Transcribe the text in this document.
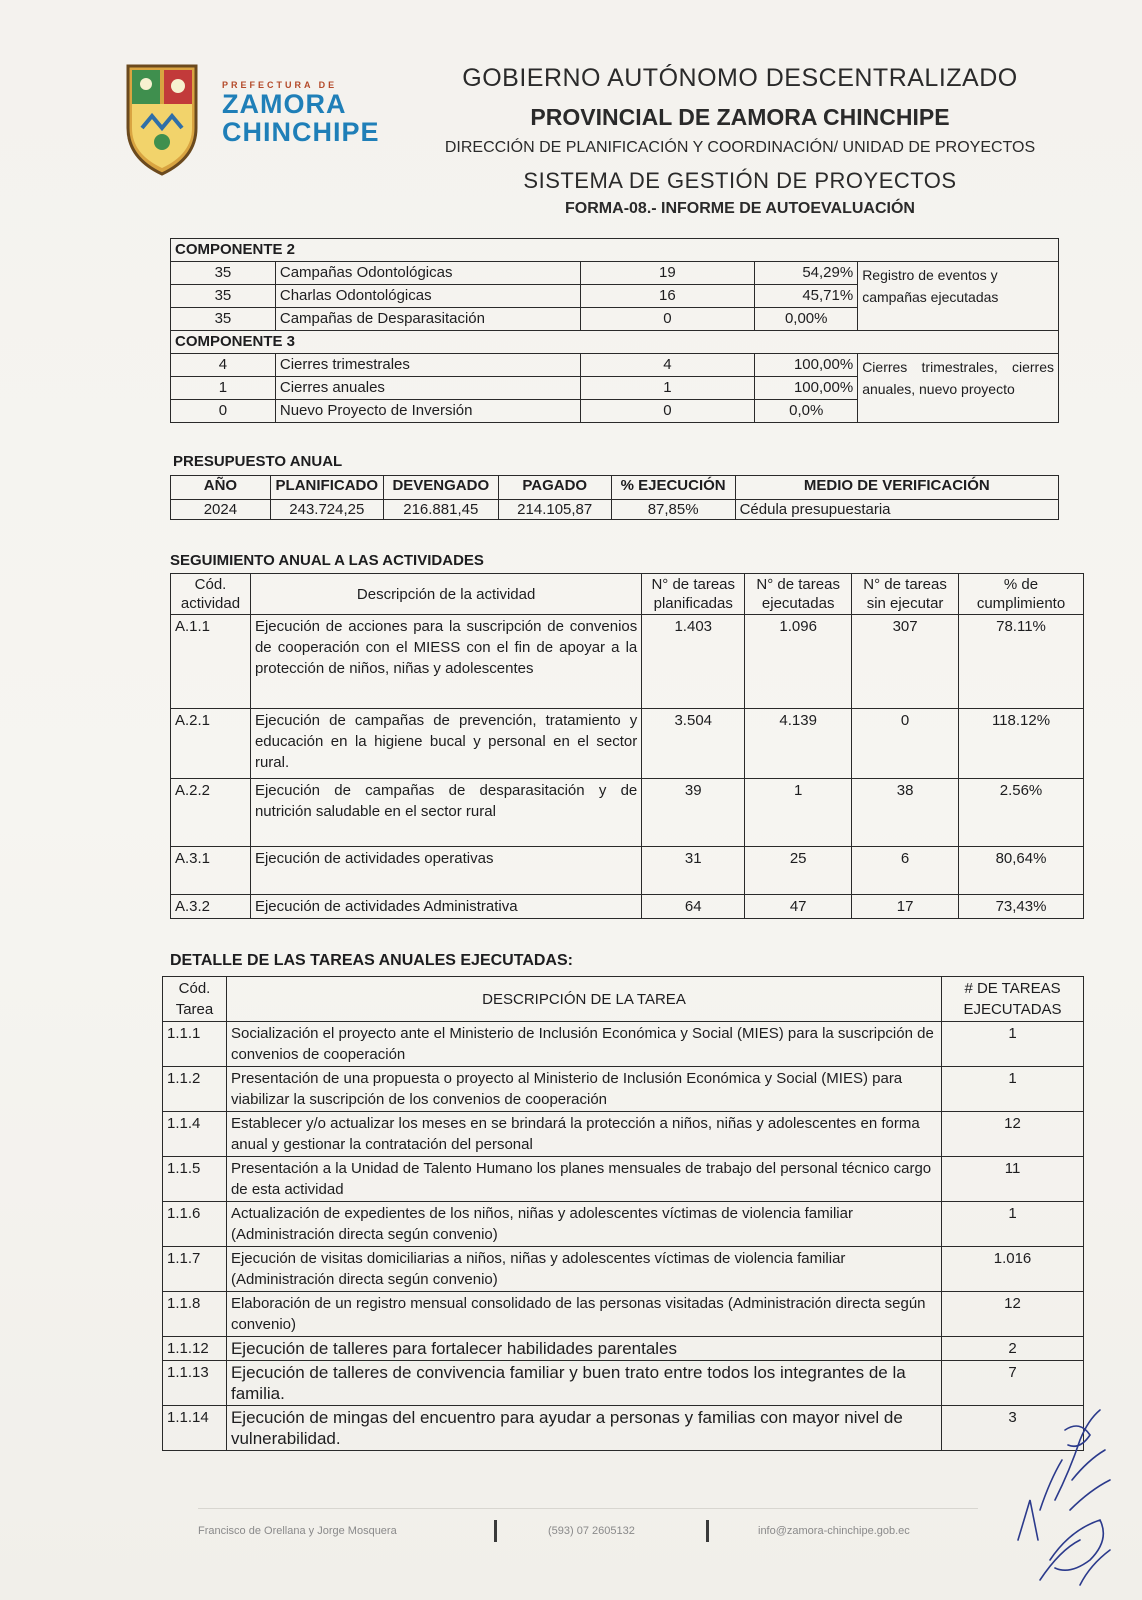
PREFECTURA DE
ZAMORA
CHINCHIPE
GOBIERNO AUTÓNOMO DESCENTRALIZADO
PROVINCIAL DE ZAMORA CHINCHIPE
DIRECCIÓN DE PLANIFICACIÓN Y COORDINACIÓN/ UNIDAD DE PROYECTOS
SISTEMA DE GESTIÓN DE PROYECTOS
FORMA-08.- INFORME DE AUTOEVALUACIÓN
COMPONENTE 2				
35	Campañas Odontológicas	19	54,29%	Registro de eventos y campañas ejecutadas
35	Charlas Odontológicas	16	45,71%	
35	Campañas de Desparasitación	0	0,00%	
COMPONENTE 3				
4	Cierres trimestrales	4	100,00%	Cierres trimestrales, cierres anuales, nuevo proyecto
1	Cierres anuales	1	100,00%	
0	Nuevo Proyecto de Inversión	0	0,0%	
PRESUPUESTO ANUAL
AÑO	PLANIFICADO	DEVENGADO	PAGADO	% EJECUCIÓN	MEDIO DE VERIFICACIÓN
2024	243.724,25	216.881,45	214.105,87	87,85%	Cédula presupuestaria
SEGUIMIENTO ANUAL A LAS ACTIVIDADES
Cód. actividad	Descripción de la actividad	N° de tareas planificadas	N° de tareas ejecutadas	N° de tareas sin ejecutar	% de cumplimiento
A.1.1	Ejecución de acciones para la suscripción de convenios de cooperación con el MIESS con el fin de apoyar a la protección de niños, niñas y adolescentes	1.403	1.096	307	78.11%
A.2.1	Ejecución de campañas de prevención, tratamiento y educación en la higiene bucal y personal en el sector rural.	3.504	4.139	0	118.12%
A.2.2	Ejecución de campañas de desparasitación y de nutrición saludable en el sector rural	39	1	38	2.56%
A.3.1	Ejecución de actividades operativas	31	25	6	80,64%
A.3.2	Ejecución de actividades Administrativa	64	47	17	73,43%
DETALLE DE LAS TAREAS ANUALES EJECUTADAS:
Cód. Tarea	DESCRIPCIÓN DE LA TAREA	# DE TAREAS EJECUTADAS
1.1.1	Socialización el proyecto ante el Ministerio de Inclusión Económica y Social (MIES) para la suscripción de convenios de cooperación	1
1.1.2	Presentación de una propuesta o proyecto al Ministerio de Inclusión Económica y Social (MIES) para viabilizar la suscripción de los convenios de cooperación	1
1.1.4	Establecer y/o actualizar los meses en se brindará la protección a niños, niñas y adolescentes en forma anual y gestionar la contratación del personal	12
1.1.5	Presentación a la Unidad de Talento Humano los planes mensuales de trabajo del personal técnico cargo de esta actividad	11
1.1.6	Actualización de expedientes de los niños, niñas y adolescentes víctimas de violencia familiar (Administración directa según convenio)	1
1.1.7	Ejecución de visitas domiciliarias a niños, niñas y adolescentes víctimas de violencia familiar (Administración directa según convenio)	1.016
1.1.8	Elaboración de un registro mensual consolidado de las personas visitadas (Administración directa según convenio)	12
1.1.12	Ejecución de talleres para fortalecer habilidades parentales	2
1.1.13	Ejecución de talleres de convivencia familiar y buen trato entre todos los integrantes de la familia.	7
1.1.14	Ejecución de mingas del encuentro para ayudar a personas y familias con mayor nivel de vulnerabilidad.	3
Francisco de Orellana y Jorge Mosquera	(593) 07 2605132	info@zamora-chinchipe.gob.ec
